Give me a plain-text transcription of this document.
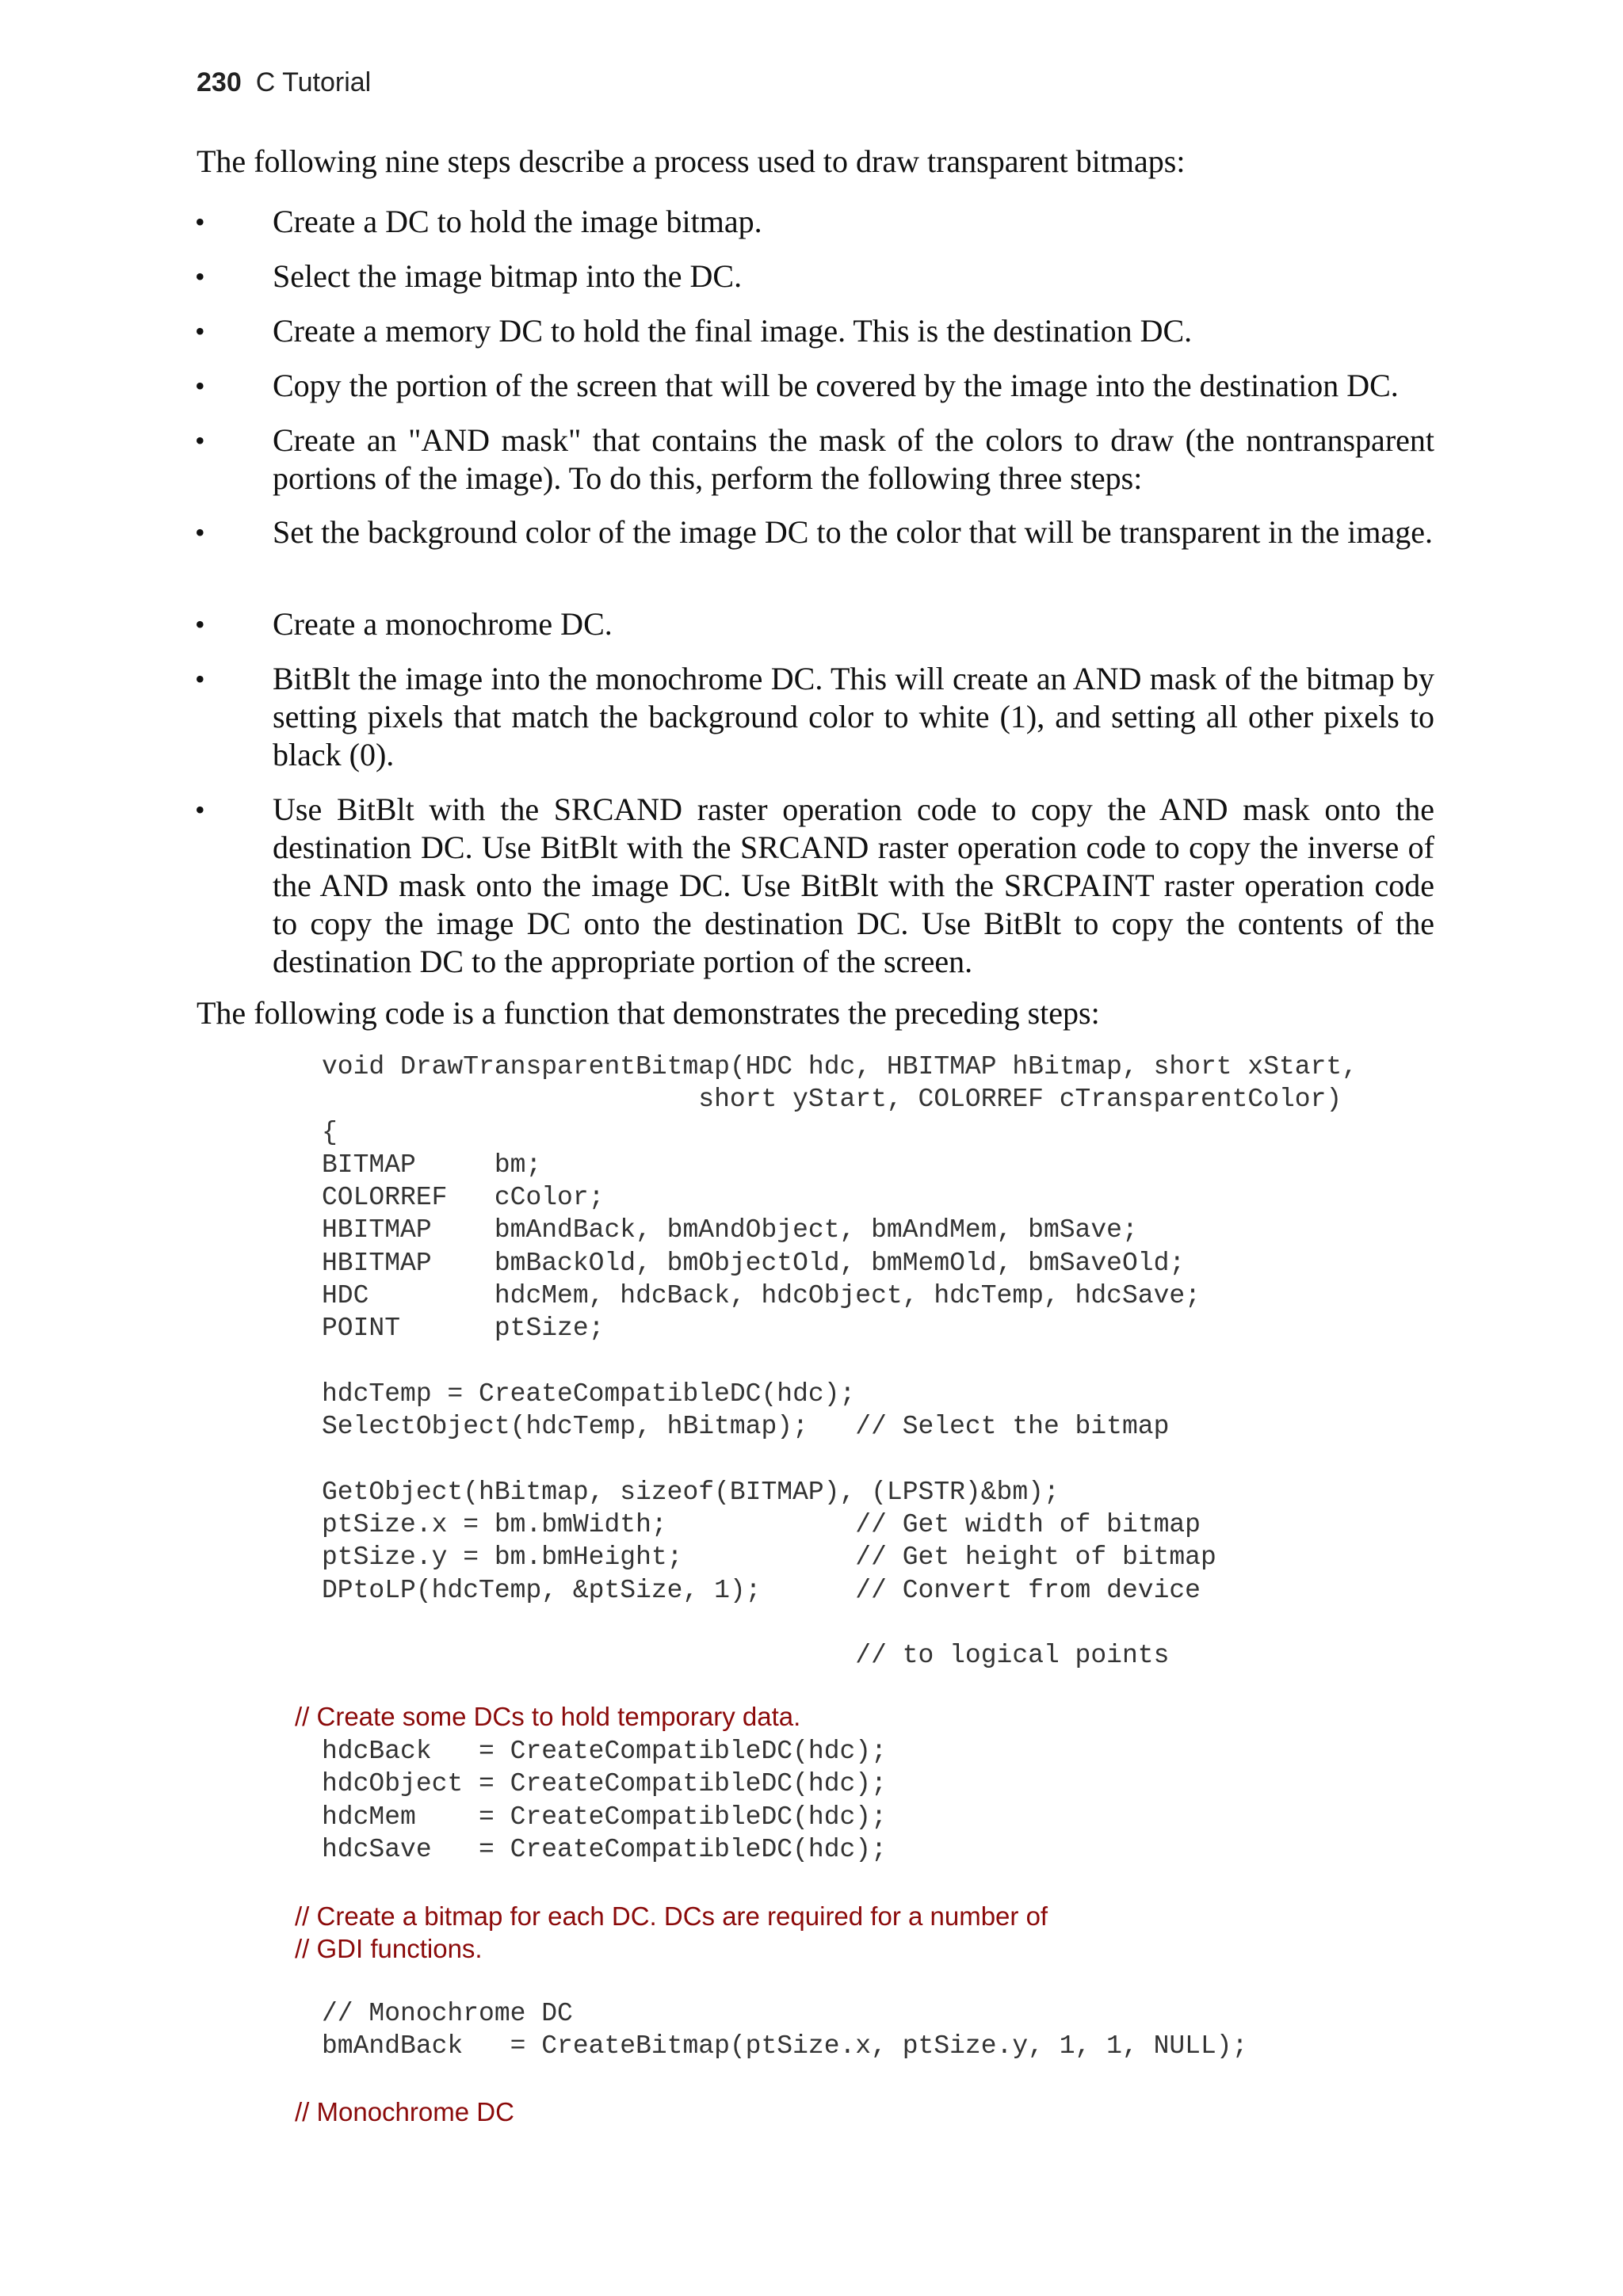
230 C Tutorial

The following nine steps describe a process used to draw transparent bitmaps:

•	Create a DC to hold the image bitmap.
•	Select the image bitmap into the DC.
•	Create a memory DC to hold the final image. This is the destination DC.
•	Copy the portion of the screen that will be covered by the image into the destination DC.
•	Create an "AND mask" that contains the mask of the colors to draw (the nontransparent portions of the image). To do this, perform the following three steps:
•	Set the background color of the image DC to the color that will be transparent in the image.
•	Create a monochrome DC.
•	BitBlt the image into the monochrome DC. This will create an AND mask of the bitmap by setting pixels that match the background color to white (1), and setting all other pixels to black (0).
•	Use BitBlt with the SRCAND raster operation code to copy the AND mask onto the destination DC. Use BitBlt with the SRCAND raster operation code to copy the inverse of the AND mask onto the image DC. Use BitBlt with the SRCPAINT raster operation code to copy the image DC onto the destination DC. Use BitBlt to copy the contents of the destination DC to the appropriate portion of the screen.

The following code is a function that demonstrates the preceding steps:

void DrawTransparentBitmap(HDC hdc, HBITMAP hBitmap, short xStart,
short yStart, COLORREF cTransparentColor)
{
BITMAP     bm;
COLORREF   cColor;
HBITMAP    bmAndBack, bmAndObject, bmAndMem, bmSave;
HBITMAP    bmBackOld, bmObjectOld, bmMemOld, bmSaveOld;
HDC        hdcMem, hdcBack, hdcObject, hdcTemp, hdcSave;
POINT      ptSize;

hdcTemp = CreateCompatibleDC(hdc);
SelectObject(hdcTemp, hBitmap);   // Select the bitmap

GetObject(hBitmap, sizeof(BITMAP), (LPSTR)&bm);
ptSize.x = bm.bmWidth;            // Get width of bitmap
ptSize.y = bm.bmHeight;           // Get height of bitmap
DPtoLP(hdcTemp, &ptSize, 1);      // Convert from device

// to logical points
// Create some DCs to hold temporary data.
hdcBack   = CreateCompatibleDC(hdc);
hdcObject = CreateCompatibleDC(hdc);
hdcMem    = CreateCompatibleDC(hdc);
hdcSave   = CreateCompatibleDC(hdc);
// Create a bitmap for each DC. DCs are required for a number of
// GDI functions.
// Monochrome DC
bmAndBack   = CreateBitmap(ptSize.x, ptSize.y, 1, 1, NULL);
// Monochrome DC
